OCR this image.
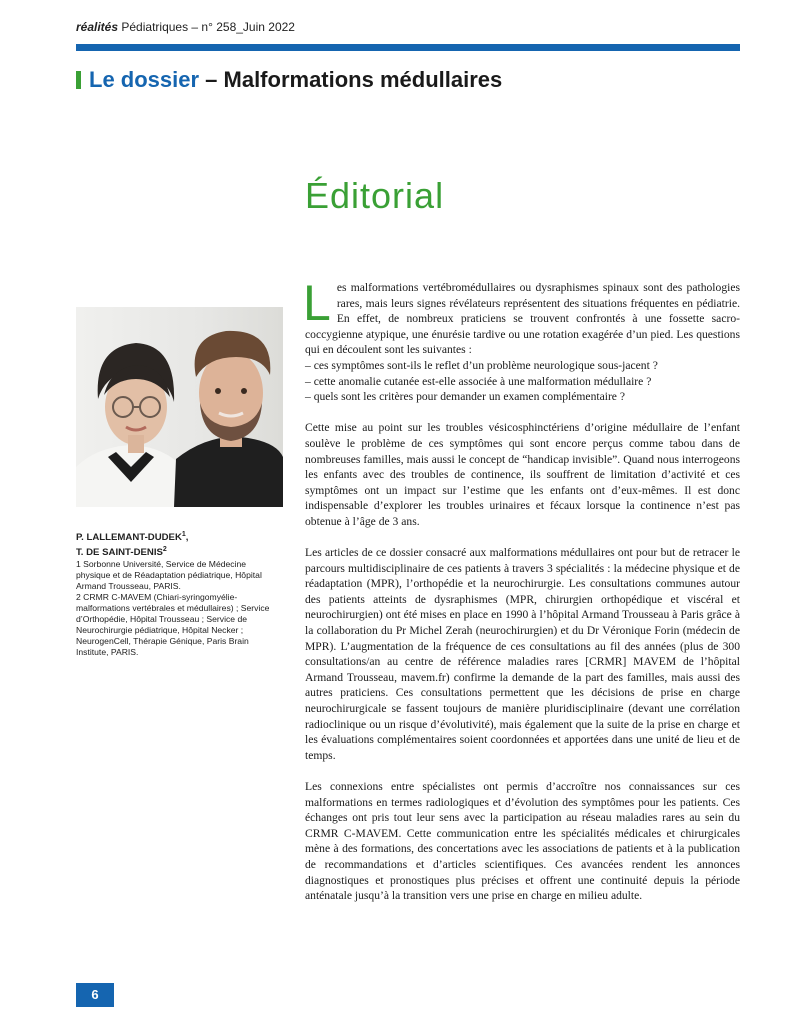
réalités Pédiatriques – n° 258_Juin 2022
Le dossier – Malformations médullaires
Éditorial
P. LALLEMANT-DUDEK$^1$,
T. DE SAINT-DENIS$^2$

1 Sorbonne Université, Service de Médecine physique et de Réadaptation pédiatrique, Hôpital Armand Trousseau, PARIS.

2 CRMR C-MAVEM (Chiari-syringomyélie-malformations vertébrales et médullaires) ; Service d’Orthopédie, Hôpital Trousseau ; Service de Neurochirurgie pédiatrique, Hôpital Necker ; NeurogenCell, Thérapie Génique, Paris Brain Institute, PARIS.

Les malformations vertébromédullaires ou dysraphismes spinaux sont des pathologies rares, mais leurs signes révélateurs représentent des situations fréquentes en pédiatrie. En effet, de nombreux praticiens se trouvent confrontés à une fossette sacro-coccygienne atypique, une énurésie tardive ou une rotation exagérée d’un pied. Les questions qui en découlent sont les suivantes :
– ces symptômes sont-ils le reflet d’un problème neurologique sous-jacent ?
– cette anomalie cutanée est-elle associée à une malformation médullaire ?
– quels sont les critères pour demander un examen complémentaire ?

Cette mise au point sur les troubles vésicosphinctériens d’origine médullaire de l’enfant soulève le problème de ces symptômes qui sont encore perçus comme tabou dans de nombreuses familles, mais aussi le concept de “handicap invisible”. Quand nous interrogeons les enfants avec des troubles de continence, ils souffrent de limitation d’activité et ces symptômes ont un impact sur l’estime que les enfants ont d’eux-mêmes. Il est donc indispensable d’explorer les troubles urinaires et fécaux lorsque la continence n’est pas obtenue à l’âge de 3 ans.

Les articles de ce dossier consacré aux malformations médullaires ont pour but de retracer le parcours multidisciplinaire de ces patients à travers 3 spécialités : la médecine physique et de réadaptation (MPR), l’orthopédie et la neurochirurgie. Les consultations communes autour des patients atteints de dysraphismes (MPR, chirurgien orthopédique et viscéral et neurochirurgien) ont été mises en place en 1990 à l’hôpital Armand Trousseau à Paris grâce à la collaboration du Pr Michel Zerah (neurochirurgien) et du Dr Véronique Forin (médecin de MPR). L’augmentation de la fréquence de ces consultations au fil des années (plus de 300 consultations/an au centre de référence maladies rares [CRMR] MAVEM de l’hôpital Armand Trousseau, mavem.fr) confirme la demande de la part des familles, mais aussi des autres praticiens. Ces consultations permettent que les décisions de prise en charge neurochirurgicale se fassent toujours de manière pluridisciplinaire (devant une corrélation radioclinique ou un risque d’évolutivité), mais également que la suite de la prise en charge et les évaluations complémentaires soient coordonnées et apportées dans une unité de lieu et de temps.

Les connexions entre spécialistes ont permis d’accroître nos connaissances sur ces malformations en termes radiologiques et d’évolution des symptômes pour les patients. Ces échanges ont pris tout leur sens avec la participation au réseau maladies rares au sein du CRMR C-MAVEM. Cette communication entre les spécialités médicales et chirurgicales mène à des formations, des concertations avec les associations de patients et à la publication de recommandations et d’articles scientifiques. Ces avancées rendent les annonces diagnostiques et pronostiques plus précises et offrent une continuité depuis la période anténatale jusqu’à la transition vers une prise en charge en milieu adulte.

6
